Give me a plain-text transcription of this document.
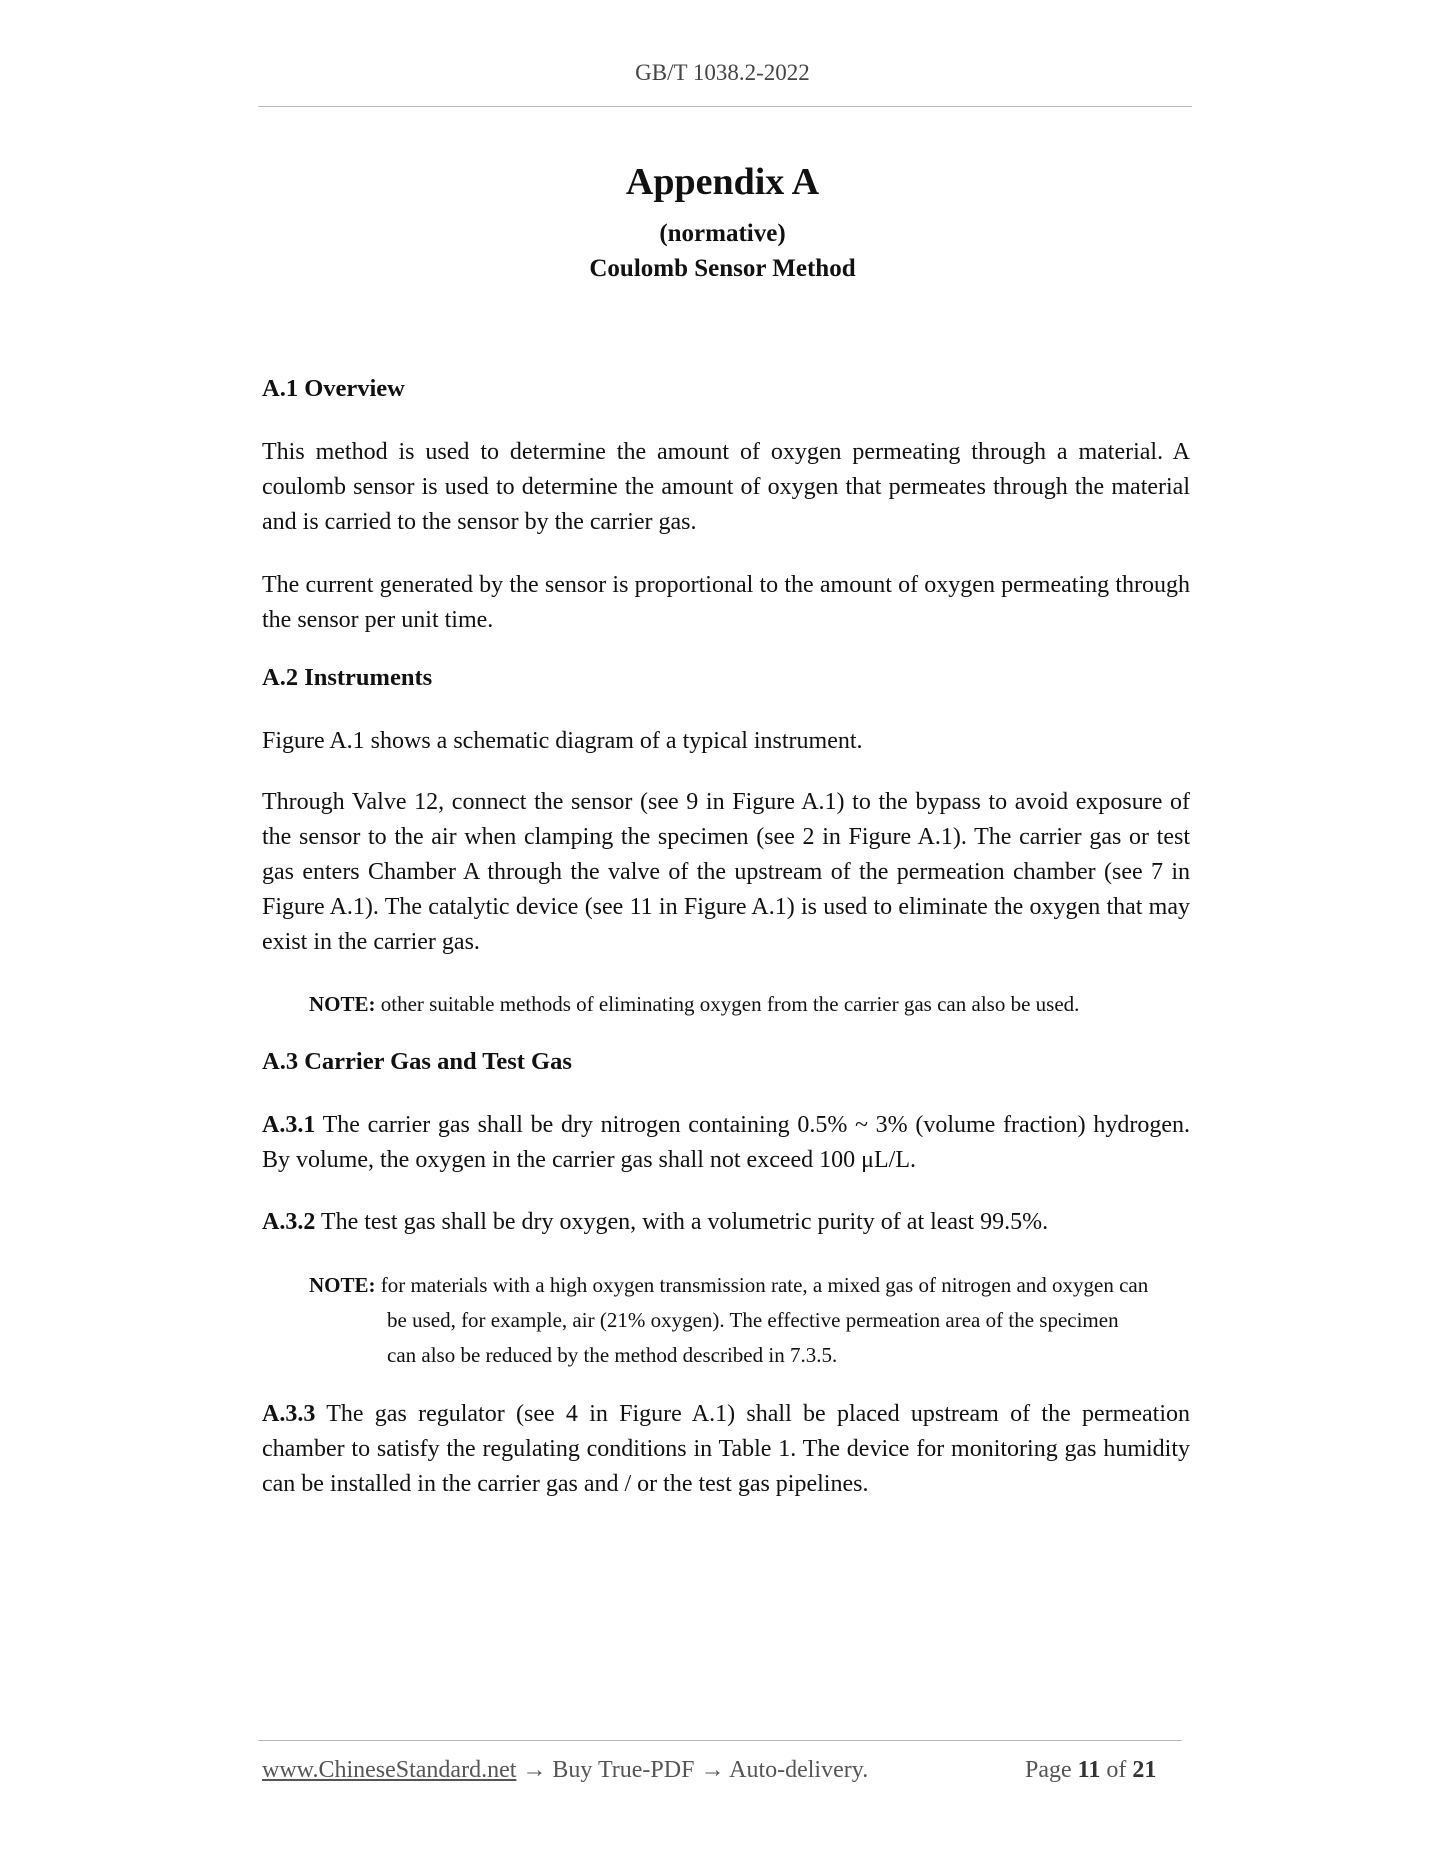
GB/T 1038.2-2022
Appendix A
(normative)
Coulomb Sensor Method
A.1 Overview

This method is used to determine the amount of oxygen permeating through a material. A coulomb sensor is used to determine the amount of oxygen that permeates through the material and is carried to the sensor by the carrier gas.

The current generated by the sensor is proportional to the amount of oxygen permeating through the sensor per unit time.

A.2 Instruments

Figure A.1 shows a schematic diagram of a typical instrument.

Through Valve 12, connect the sensor (see 9 in Figure A.1) to the bypass to avoid exposure of the sensor to the air when clamping the specimen (see 2 in Figure A.1). The carrier gas or test gas enters Chamber A through the valve of the upstream of the permeation chamber (see 7 in Figure A.1). The catalytic device (see 11 in Figure A.1) is used to eliminate the oxygen that may exist in the carrier gas.

NOTE: other suitable methods of eliminating oxygen from the carrier gas can also be used.
A.3 Carrier Gas and Test Gas

A.3.1 The carrier gas shall be dry nitrogen containing 0.5% ~ 3% (volume fraction) hydrogen. By volume, the oxygen in the carrier gas shall not exceed 100 μL/L.

A.3.2 The test gas shall be dry oxygen, with a volumetric purity of at least 99.5%.

NOTE: for materials with a high oxygen transmission rate, a mixed gas of nitrogen and oxygen can
be used, for example, air (21% oxygen). The effective permeation area of the specimen
can also be reduced by the method described in 7.3.5.

A.3.3 The gas regulator (see 4 in Figure A.1) shall be placed upstream of the permeation chamber to satisfy the regulating conditions in Table 1. The device for monitoring gas humidity can be installed in the carrier gas and / or the test gas pipelines.

www.ChineseStandard.net → Buy True-PDF → Auto-delivery.	Page 11 of 21
